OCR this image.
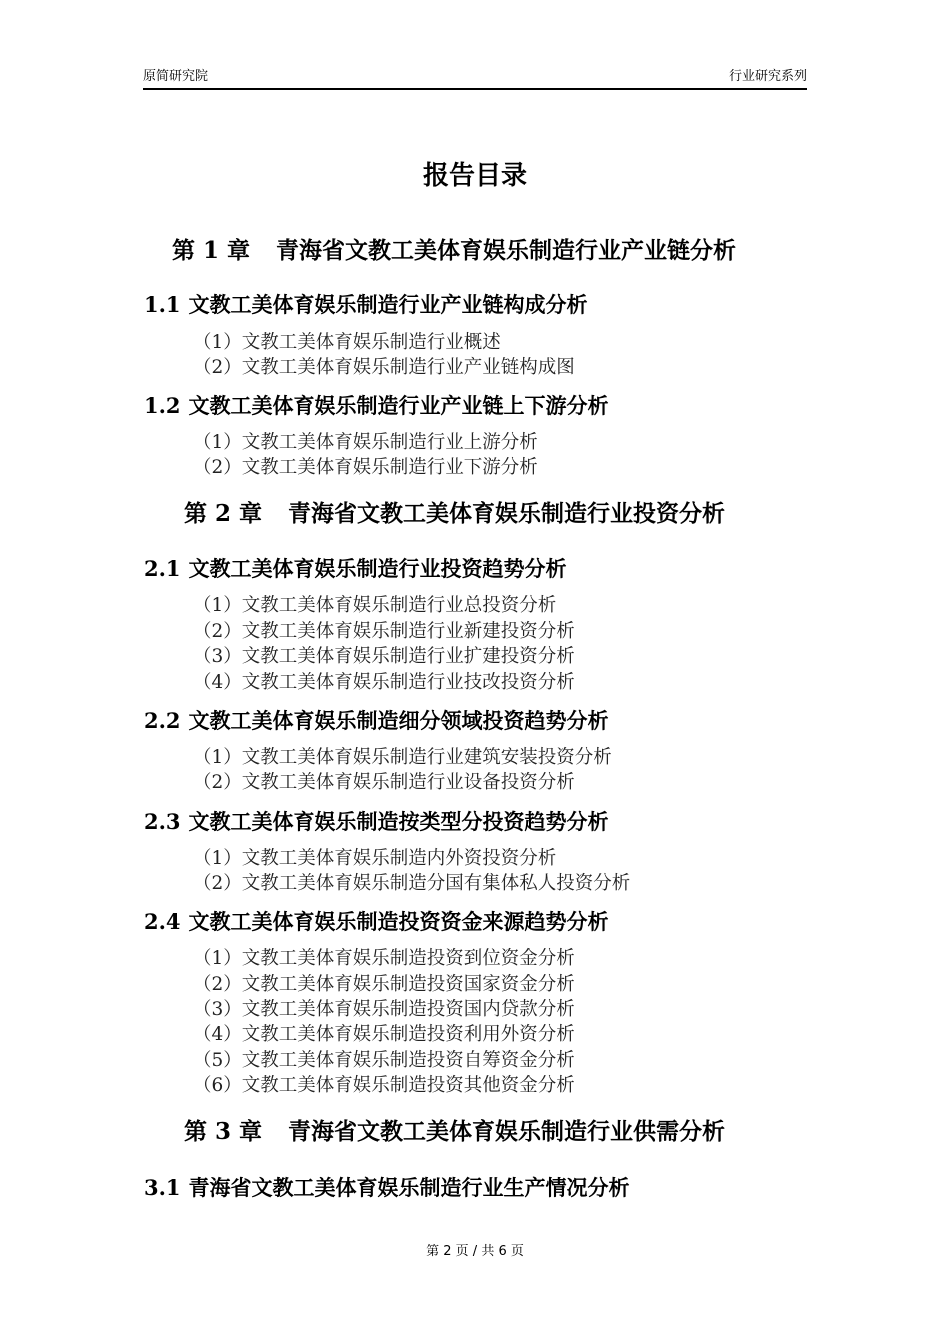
原简研究院	行业研究系列
报告目录
第 1 章 青海省文教工美体育娱乐制造行业产业链分析
1.1 文教工美体育娱乐制造行业产业链构成分析
（1）文教工美体育娱乐制造行业概述
（2）文教工美体育娱乐制造行业产业链构成图
1.2 文教工美体育娱乐制造行业产业链上下游分析
（1）文教工美体育娱乐制造行业上游分析
（2）文教工美体育娱乐制造行业下游分析
第 2 章 青海省文教工美体育娱乐制造行业投资分析
2.1 文教工美体育娱乐制造行业投资趋势分析
（1）文教工美体育娱乐制造行业总投资分析
（2）文教工美体育娱乐制造行业新建投资分析
（3）文教工美体育娱乐制造行业扩建投资分析
（4）文教工美体育娱乐制造行业技改投资分析
2.2 文教工美体育娱乐制造细分领域投资趋势分析
（1）文教工美体育娱乐制造行业建筑安装投资分析
（2）文教工美体育娱乐制造行业设备投资分析
2.3 文教工美体育娱乐制造按类型分投资趋势分析
（1）文教工美体育娱乐制造内外资投资分析
（2）文教工美体育娱乐制造分国有集体私人投资分析
2.4 文教工美体育娱乐制造投资资金来源趋势分析
（1）文教工美体育娱乐制造投资到位资金分析
（2）文教工美体育娱乐制造投资国家资金分析
（3）文教工美体育娱乐制造投资国内贷款分析
（4）文教工美体育娱乐制造投资利用外资分析
（5）文教工美体育娱乐制造投资自筹资金分析
（6）文教工美体育娱乐制造投资其他资金分析
第 3 章 青海省文教工美体育娱乐制造行业供需分析
3.1 青海省文教工美体育娱乐制造行业生产情况分析
第 2 页 / 共 6 页
